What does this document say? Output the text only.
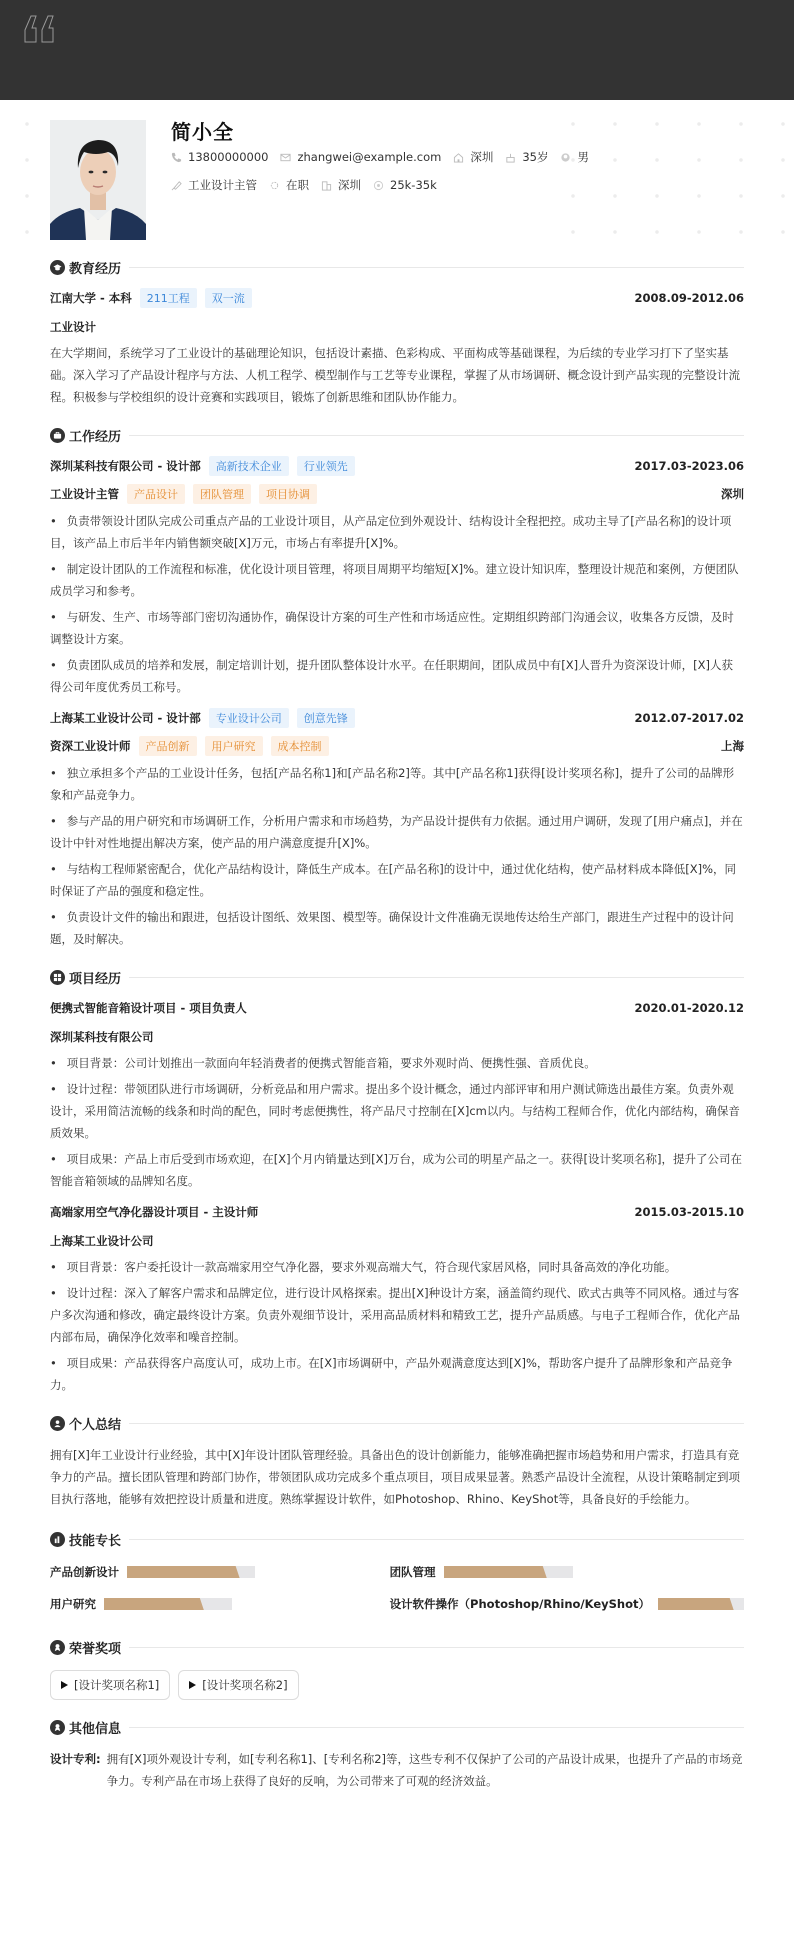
简小全
13800000000	zhangwei@example.com	深圳	35岁	男
工业设计主管	在职	深圳	25k-35k
教育经历
江南大学 - 本科	211工程	双一流	2008.09-2012.06
工业设计
在大学期间，系统学习了工业设计的基础理论知识，包括设计素描、色彩构成、平面构成等基础课程，为后续的专业学习打下了坚实基础。深入学习了产品设计程序与方法、人机工程学、模型制作与工艺等专业课程，掌握了从市场调研、概念设计到产品实现的完整设计流程。积极参与学校组织的设计竞赛和实践项目，锻炼了创新思维和团队协作能力。
工作经历
深圳某科技有限公司 - 设计部	高新技术企业	行业领先	2017.03-2023.06
工业设计主管	产品设计	团队管理	项目协调	深圳
• 负责带领设计团队完成公司重点产品的工业设计项目，从产品定位到外观设计、结构设计全程把控。成功主导了[产品名称]的设计项目，该产品上市后半年内销售额突破[X]万元，市场占有率提升[X]%。
• 制定设计团队的工作流程和标准，优化设计项目管理，将项目周期平均缩短[X]%。建立设计知识库，整理设计规范和案例，方便团队成员学习和参考。
• 与研发、生产、市场等部门密切沟通协作，确保设计方案的可生产性和市场适应性。定期组织跨部门沟通会议，收集各方反馈，及时调整设计方案。
• 负责团队成员的培养和发展，制定培训计划，提升团队整体设计水平。在任职期间，团队成员中有[X]人晋升为资深设计师，[X]人获得公司年度优秀员工称号。
上海某工业设计公司 - 设计部	专业设计公司	创意先锋	2012.07-2017.02
资深工业设计师	产品创新	用户研究	成本控制	上海
• 独立承担多个产品的工业设计任务，包括[产品名称1]和[产品名称2]等。其中[产品名称1]获得[设计奖项名称]，提升了公司的品牌形象和产品竞争力。
• 参与产品的用户研究和市场调研工作，分析用户需求和市场趋势，为产品设计提供有力依据。通过用户调研，发现了[用户痛点]，并在设计中针对性地提出解决方案，使产品的用户满意度提升[X]%。
• 与结构工程师紧密配合，优化产品结构设计，降低生产成本。在[产品名称]的设计中，通过优化结构，使产品材料成本降低[X]%，同时保证了产品的强度和稳定性。
• 负责设计文件的输出和跟进，包括设计图纸、效果图、模型等。确保设计文件准确无误地传达给生产部门，跟进生产过程中的设计问题，及时解决。
项目经历
便携式智能音箱设计项目 - 项目负责人	2020.01-2020.12
深圳某科技有限公司
• 项目背景：公司计划推出一款面向年轻消费者的便携式智能音箱，要求外观时尚、便携性强、音质优良。
• 设计过程：带领团队进行市场调研，分析竞品和用户需求。提出多个设计概念，通过内部评审和用户测试筛选出最佳方案。负责外观设计，采用简洁流畅的线条和时尚的配色，同时考虑便携性，将产品尺寸控制在[X]cm以内。与结构工程师合作，优化内部结构，确保音质效果。
• 项目成果：产品上市后受到市场欢迎，在[X]个月内销量达到[X]万台，成为公司的明星产品之一。获得[设计奖项名称]，提升了公司在智能音箱领域的品牌知名度。
高端家用空气净化器设计项目 - 主设计师	2015.03-2015.10
上海某工业设计公司
• 项目背景：客户委托设计一款高端家用空气净化器，要求外观高端大气，符合现代家居风格，同时具备高效的净化功能。
• 设计过程：深入了解客户需求和品牌定位，进行设计风格探索。提出[X]种设计方案，涵盖简约现代、欧式古典等不同风格。通过与客户多次沟通和修改，确定最终设计方案。负责外观细节设计，采用高品质材料和精致工艺，提升产品质感。与电子工程师合作，优化产品内部布局，确保净化效率和噪音控制。
• 项目成果：产品获得客户高度认可，成功上市。在[X]市场调研中，产品外观满意度达到[X]%，帮助客户提升了品牌形象和产品竞争力。
个人总结
拥有[X]年工业设计行业经验，其中[X]年设计团队管理经验。具备出色的设计创新能力，能够准确把握市场趋势和用户需求，打造具有竞争力的产品。擅长团队管理和跨部门协作，带领团队成功完成多个重点项目，项目成果显著。熟悉产品设计全流程，从设计策略制定到项目执行落地，能够有效把控设计质量和进度。熟练掌握设计软件，如Photoshop、Rhino、KeyShot等，具备良好的手绘能力。
技能专长
产品创新设计	团队管理
用户研究	设计软件操作（Photoshop/Rhino/KeyShot）
荣誉奖项
[设计奖项名称1]	[设计奖项名称2]
其他信息
设计专利: 拥有[X]项外观设计专利，如[专利名称1]、[专利名称2]等，这些专利不仅保护了公司的产品设计成果，也提升了产品的市场竞争力。专利产品在市场上获得了良好的反响，为公司带来了可观的经济效益。
